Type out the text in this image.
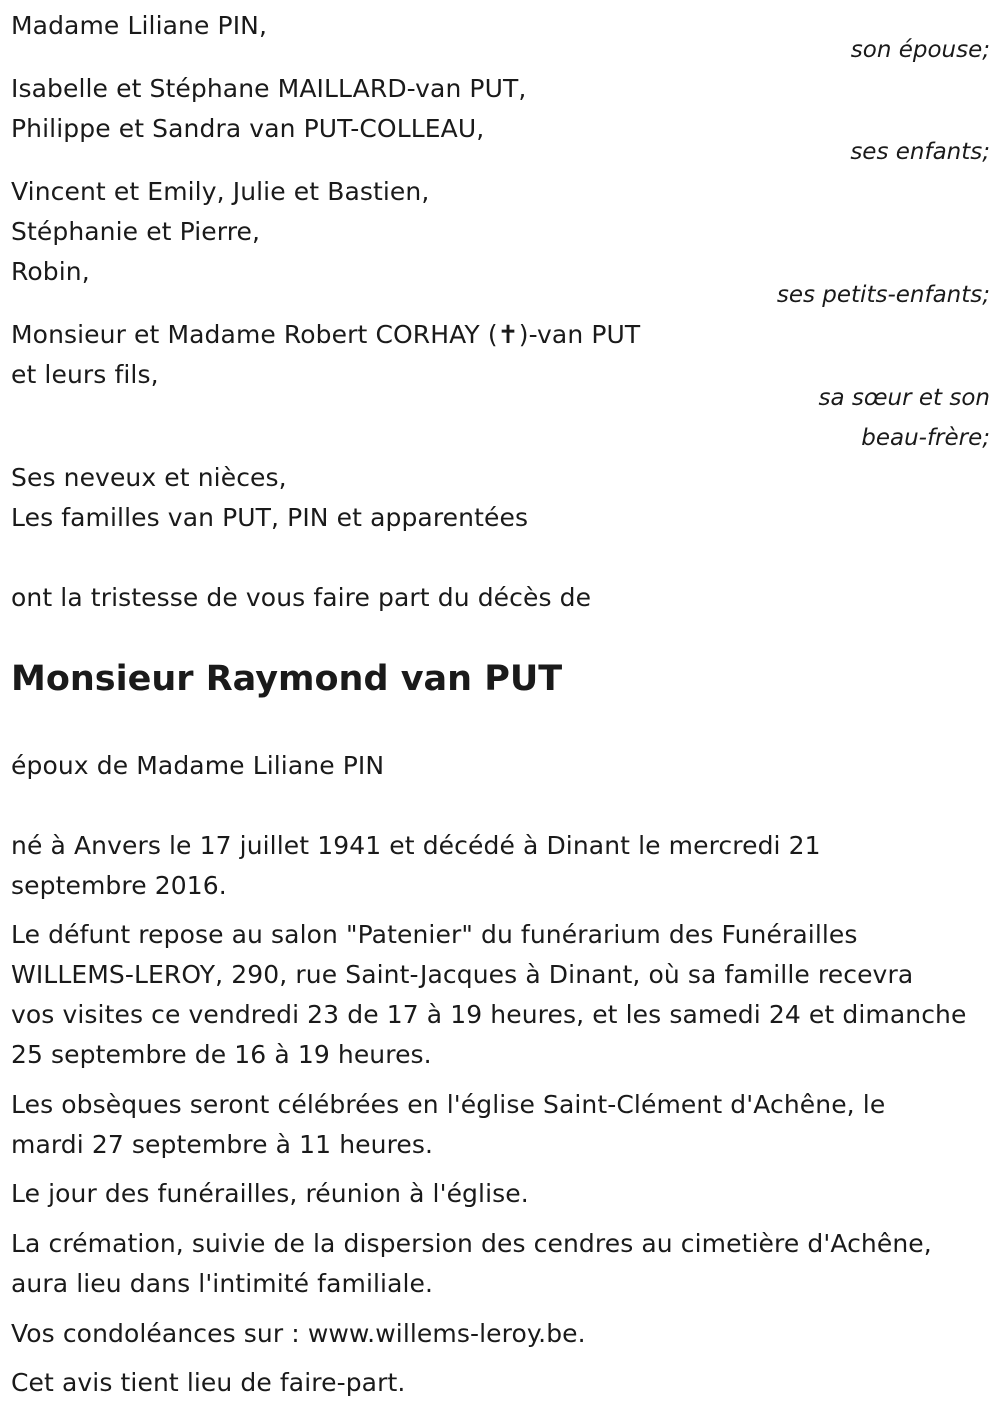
Madame Liliane PIN,
son épouse;
Isabelle et Stéphane MAILLARD-van PUT,
Philippe et Sandra van PUT-COLLEAU,
ses enfants;
Vincent et Emily, Julie et Bastien,
Stéphanie et Pierre,
Robin,
ses petits-enfants;
Monsieur et Madame Robert CORHAY (✝)-van PUT
et leurs fils,
sa sœur et son
beau-frère;
Ses neveux et nièces,
Les familles van PUT, PIN et apparentées
ont la tristesse de vous faire part du décès de
Monsieur Raymond van PUT
époux de Madame Liliane PIN
né à Anvers le 17 juillet 1941 et décédé à Dinant le mercredi 21
septembre 2016.
Le défunt repose au salon "Patenier" du funérarium des Funérailles
WILLEMS-LEROY, 290, rue Saint-Jacques à Dinant, où sa famille recevra
vos visites ce vendredi 23 de 17 à 19 heures, et les samedi 24 et dimanche
25 septembre de 16 à 19 heures.
Les obsèques seront célébrées en l'église Saint-Clément d'Achêne, le
mardi 27 septembre à 11 heures.
Le jour des funérailles, réunion à l'église.
La crémation, suivie de la dispersion des cendres au cimetière d'Achêne,
aura lieu dans l'intimité familiale.
Vos condoléances sur : www.willems-leroy.be.
Cet avis tient lieu de faire-part.
